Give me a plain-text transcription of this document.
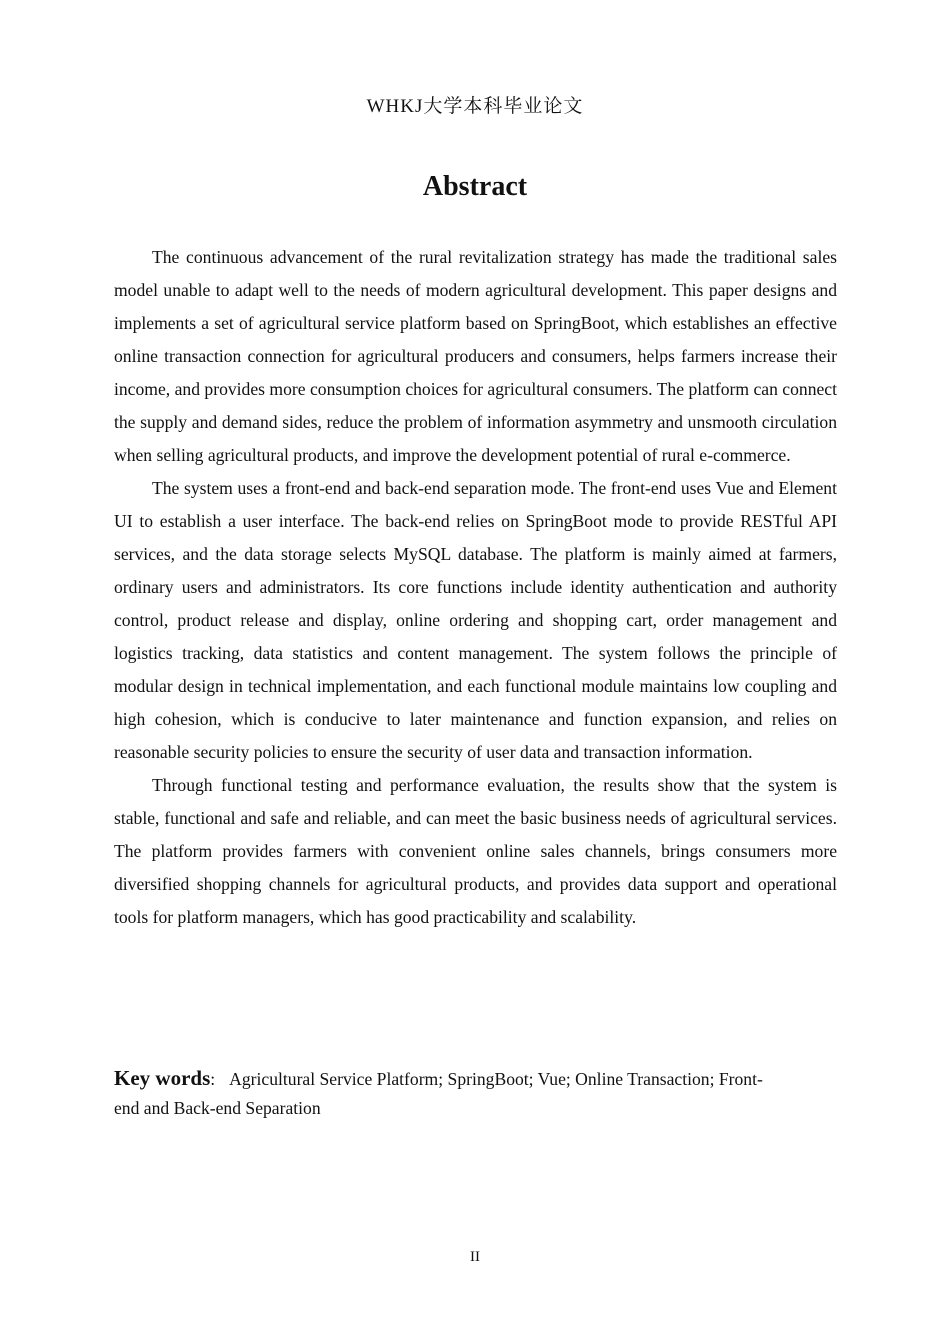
WHKJ大学本科毕业论文
Abstract

The continuous advancement of the rural revitalization strategy has made the traditional sales model unable to adapt well to the needs of modern agricultural development. This paper designs and implements a set of agricultural service platform based on SpringBoot, which establishes an effective online transaction connection for agricultural producers and consumers, helps farmers increase their income, and provides more consumption choices for agricultural consumers. The platform can connect the supply and demand sides, reduce the problem of information asymmetry and unsmooth circulation when selling agricultural products, and improve the development potential of rural e-commerce.

The system uses a front-end and back-end separation mode. The front-end uses Vue and Element UI to establish a user interface. The back-end relies on SpringBoot mode to provide RESTful API services, and the data storage selects MySQL database. The platform is mainly aimed at farmers, ordinary users and administrators. Its core functions include identity authentication and authority control, product release and display, online ordering and shopping cart, order management and logistics tracking, data statistics and content management. The system follows the principle of modular design in technical implementation, and each functional module maintains low coupling and high cohesion, which is conducive to later maintenance and function expansion, and relies on reasonable security policies to ensure the security of user data and transaction information.

Through functional testing and performance evaluation, the results show that the system is stable, functional and safe and reliable, and can meet the basic business needs of agricultural services. The platform provides farmers with convenient online sales channels, brings consumers more diversified shopping channels for agricultural products, and provides data support and operational tools for platform managers, which has good practicability and scalability.

Key words: Agricultural Service Platform; SpringBoot; Vue; Online Transaction; Front-end and Back-end Separation
II
